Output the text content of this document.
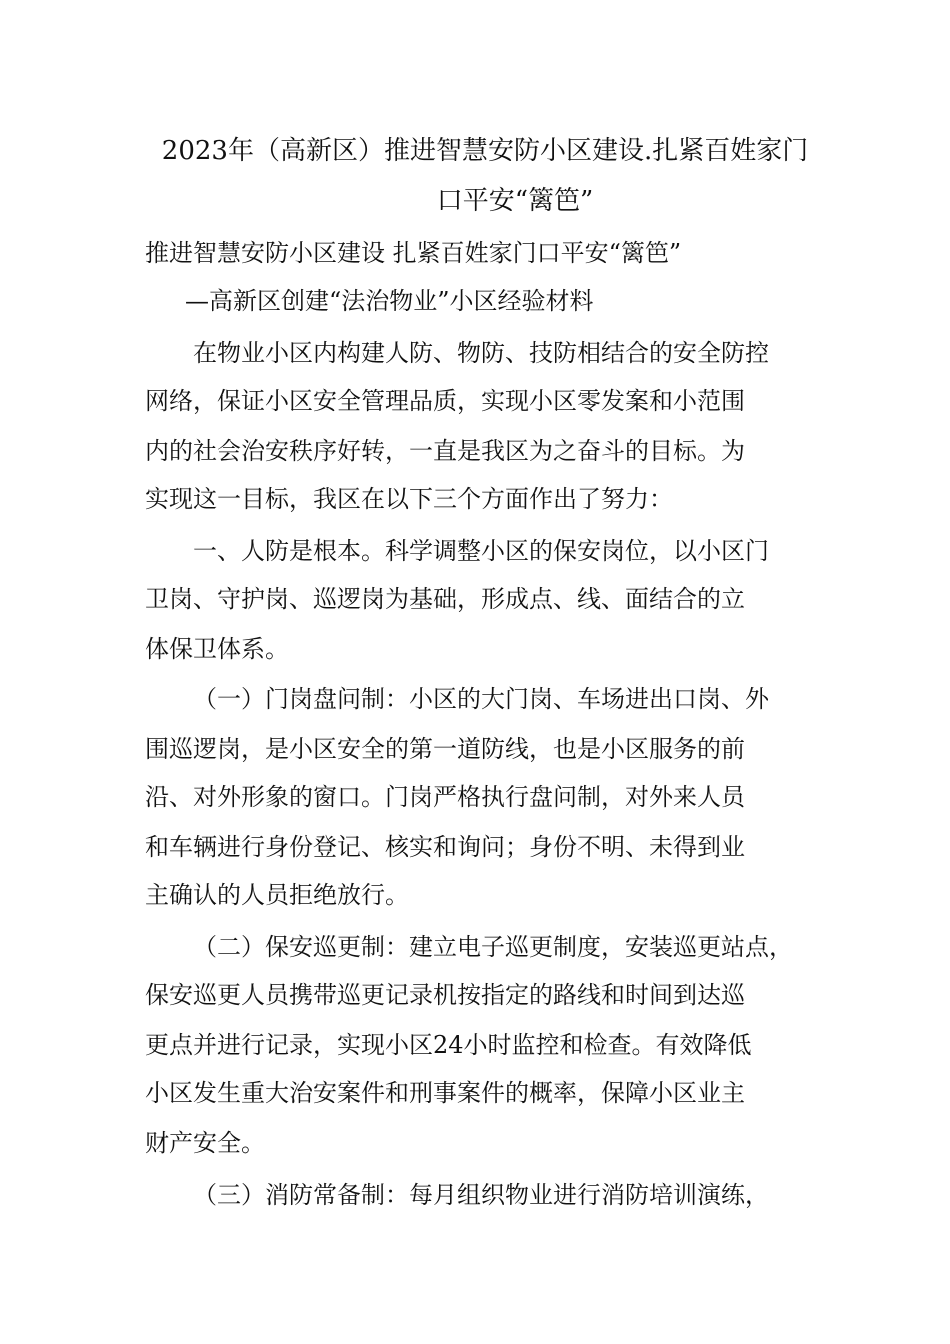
2023年（高新区）推进智慧安防小区建设.扎紧百姓家门
口平安“篱笆”
推进智慧安防小区建设 扎紧百姓家门口平安“篱笆”
—高新区创建“法治物业”小区经验材料
在物业小区内构建人防、物防、技防相结合的安全防控
网络，保证小区安全管理品质，实现小区零发案和小范围
内的社会治安秩序好转，一直是我区为之奋斗的目标。为
实现这一目标，我区在以下三个方面作出了努力：
一、人防是根本。科学调整小区的保安岗位，以小区门
卫岗、守护岗、巡逻岗为基础，形成点、线、面结合的立
体保卫体系。
（一）门岗盘问制：小区的大门岗、车场进出口岗、外
围巡逻岗，是小区安全的第一道防线，也是小区服务的前
沿、对外形象的窗口。门岗严格执行盘问制，对外来人员
和车辆进行身份登记、核实和询问；身份不明、未得到业
主确认的人员拒绝放行。
（二）保安巡更制：建立电子巡更制度，安装巡更站点，
保安巡更人员携带巡更记录机按指定的路线和时间到达巡
更点并进行记录，实现小区24小时监控和检查。有效降低
小区发生重大治安案件和刑事案件的概率，保障小区业主
财产安全。
（三）消防常备制：每月组织物业进行消防培训演练，
